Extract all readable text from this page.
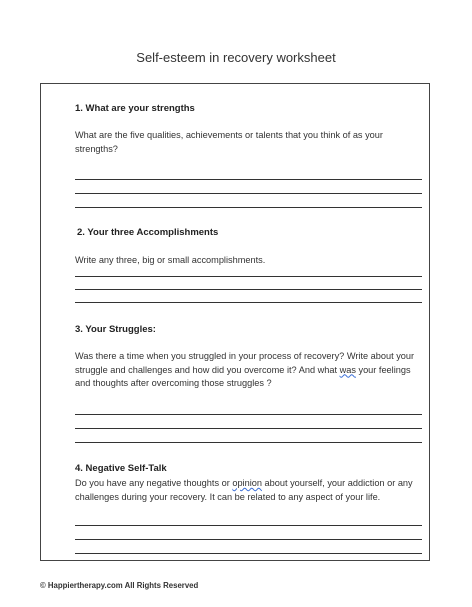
Self-esteem in recovery worksheet
1. What are your strengths
What are the five qualities, achievements or talents that you think of as your strengths?
2. Your three Accomplishments
Write any three, big or small accomplishments.
3. Your Struggles:
Was there a time when you struggled in your process of recovery? Write about your struggle and challenges and how did you overcome it? And what was your feelings and thoughts after overcoming those struggles ?
4. Negative Self-Talk
Do you have any negative thoughts or opinion about yourself, your addiction or any challenges during your recovery. It can be related to any aspect of your life.
© Happiertherapy.com All Rights Reserved
